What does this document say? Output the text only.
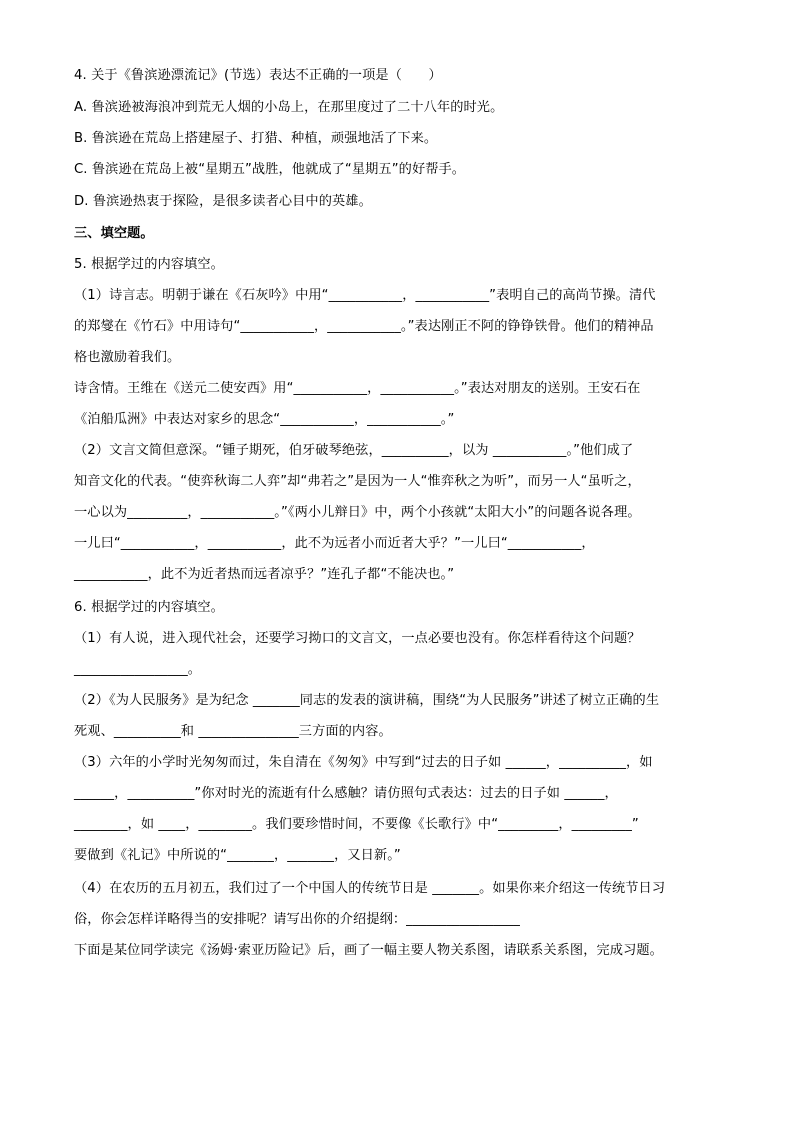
4. 关于《鲁滨逊漂流记》(节选）表达不正确的一项是（　　）
A. 鲁滨逊被海浪冲到荒无人烟的小岛上，在那里度过了二十八年的时光。
B. 鲁滨逊在荒岛上搭建屋子、打猎、种植，顽强地活了下来。
C. 鲁滨逊在荒岛上被“星期五”战胜，他就成了“星期五”的好帮手。
D. 鲁滨逊热衷于探险，是很多读者心目中的英雄。
三、填空题。
5. 根据学过的内容填空。
（1）诗言志。明朝于谦在《石灰吟》中用“___________，___________”表明自己的高尚节操。清代
的郑燮在《竹石》中用诗句“___________，___________。”表达刚正不阿的铮铮铁骨。他们的精神品
格也激励着我们。
诗含情。王维在《送元二使安西》用“___________，___________。”表达对朋友的送别。王安石在
《泊船瓜洲》中表达对家乡的思念“___________，___________。”
（2）文言文简但意深。“锺子期死，伯牙破琴绝弦，__________，以为 ___________。”他们成了
知音文化的代表。“使弈秋诲二人弈”却“弗若之”是因为一人“惟弈秋之为听”，而另一人“虽听之，
一心以为_________，___________。”《两小儿辩日》中，两个小孩就“太阳大小”的问题各说各理。
一儿曰“___________，___________，此不为远者小而近者大乎？”一儿曰“___________，
___________，此不为近者热而远者凉乎？”连孔子都“不能决也。”
6. 根据学过的内容填空。
（1）有人说，进入现代社会，还要学习拗口的文言文，一点必要也没有。你怎样看待这个问题？
_________________。
（2）《为人民服务》是为纪念 _______同志的发表的演讲稿，围绕“为人民服务”讲述了树立正确的生
死观、__________和 _______________三方面的内容。
（3）六年的小学时光匆匆而过，朱自清在《匆匆》中写到“过去的日子如 ______，__________，如
______，__________”你对时光的流逝有什么感触？请仿照句式表达：过去的日子如 ______，
________，如 ____，________。我们要珍惜时间，不要像《长歌行》中“_________，_________”
要做到《礼记》中所说的“_______，_______，又日新。”
（4）在农历的五月初五，我们过了一个中国人的传统节日是 _______。如果你来介绍这一传统节日习
俗，你会怎样详略得当的安排呢？请写出你的介绍提纲：_________________
下面是某位同学读完《汤姆·索亚历险记》后，画了一幅主要人物关系图，请联系关系图，完成习题。
